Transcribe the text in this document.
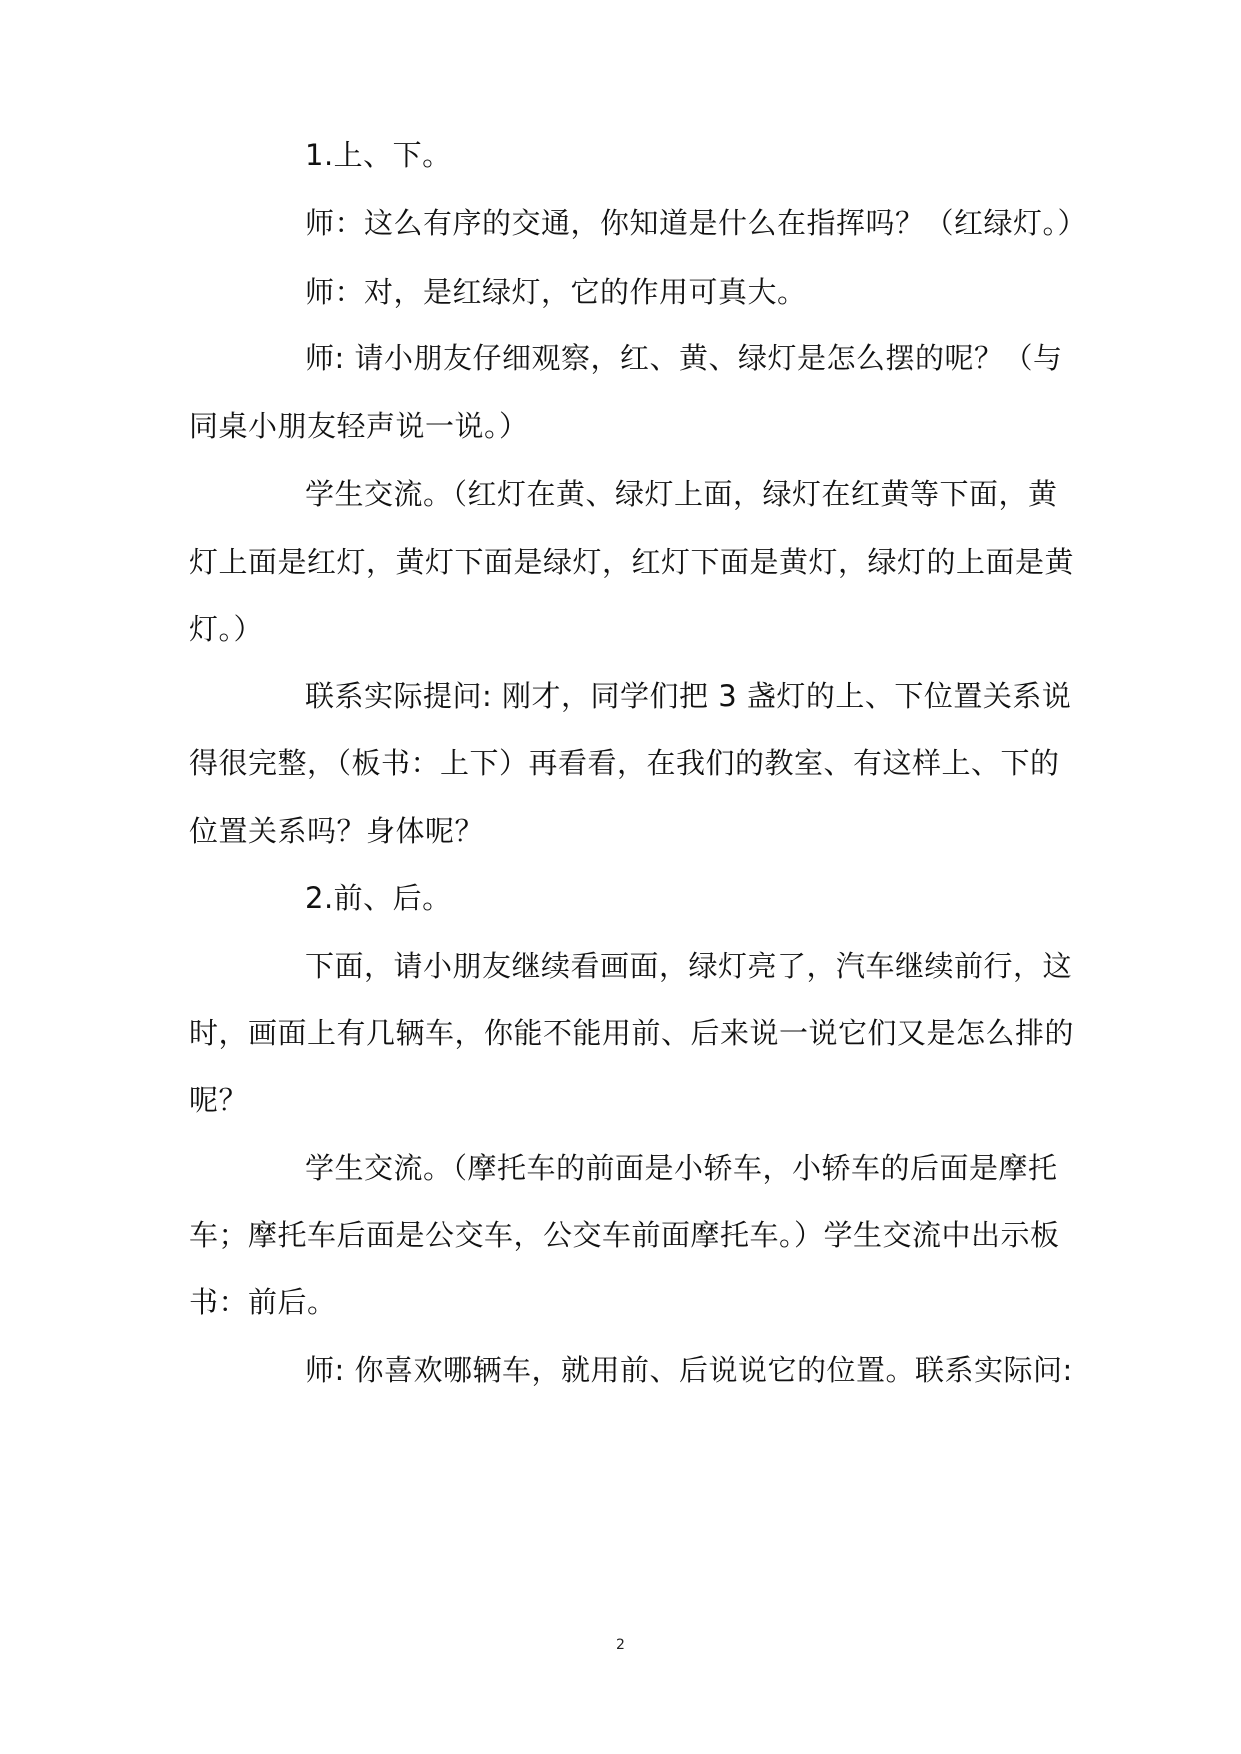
1.上、下。
师：这么有序的交通，你知道是什么在指挥吗？（红绿灯。）
师：对，是红绿灯，它的作用可真大。
师: 请小朋友仔细观察，红、黄、绿灯是怎么摆的呢？（与
同桌小朋友轻声说一说。）
学生交流。（红灯在黄、绿灯上面，绿灯在红黄等下面，黄
灯上面是红灯，黄灯下面是绿灯，红灯下面是黄灯，绿灯的上面是黄
灯。）
联系实际提问: 刚才，同学们把 3 盏灯的上、下位置关系说
得很完整，（板书：上下）再看看，在我们的教室、有这样上、下的
位置关系吗？身体呢？
2.前、后。
下面，请小朋友继续看画面，绿灯亮了，汽车继续前行，这
时，画面上有几辆车，你能不能用前、后来说一说它们又是怎么排的
呢？
学生交流。（摩托车的前面是小轿车，小轿车的后面是摩托
车；摩托车后面是公交车，公交车前面摩托车。）学生交流中出示板
书：前后。
师: 你喜欢哪辆车，就用前、后说说它的位置。联系实际问:
2
